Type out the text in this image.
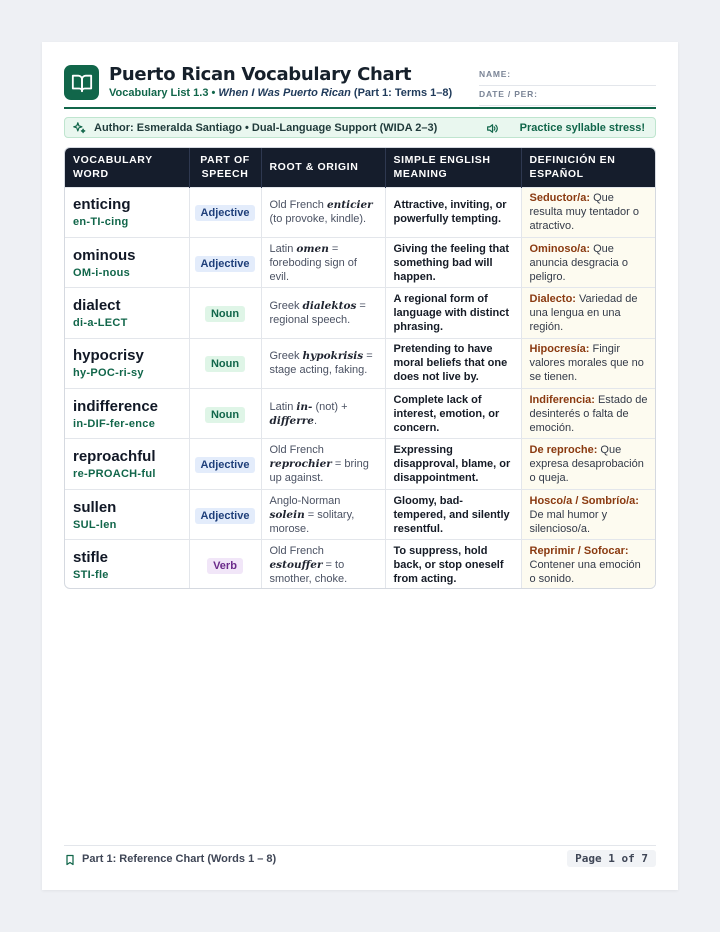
Puerto Rican Vocabulary Chart
Vocabulary List 1.3 • When I Was Puerto Rican (Part 1: Terms 1–8)
NAME:
DATE / PER:
Author: Esmeralda Santiago • Dual-Language Support (WIDA 2–3)	Practice syllable stress!
VOCABULARY WORD	PART OF SPEECH	ROOT & ORIGIN	SIMPLE ENGLISH MEANING	DEFINICIÓN EN ESPAÑOL

enticing
en-TI-cing	Adjective	Old French enticier (to provoke, kindle).	Attractive, inviting, or powerfully tempting.	Seductor/a: Que resulta muy tentador o atractivo.

ominous
OM-i-nous	Adjective	Latin omen = foreboding sign of evil.	Giving the feeling that something bad will happen.	Ominoso/a: Que anuncia desgracia o peligro.

dialect
di-a-LECT	Noun	Greek dialektos = regional speech.	A regional form of language with distinct phrasing.	Dialecto: Variedad de una lengua en una región.

hypocrisy
hy-POC-ri-sy	Noun	Greek hypokrisis = stage acting, faking.	Pretending to have moral beliefs that one does not live by.	Hipocresía: Fingir valores morales que no se tienen.

indifference
in-DIF-fer-ence	Noun	Latin in- (not) + differre.	Complete lack of interest, emotion, or concern.	Indiferencia: Estado de desinterés o falta de emoción.

reproachful
re-PROACH-ful	Adjective	Old French reprochier = bring up against.	Expressing disapproval, blame, or disappointment.	De reproche: Que expresa desaprobación o queja.

sullen
SUL-len	Adjective	Anglo-Norman solein = solitary, morose.	Gloomy, bad-tempered, and silently resentful.	Hosco/a / Sombrío/a: De mal humor y silencioso/a.

stifle
STI-fle	Verb	Old French estouffer = to smother, choke.	To suppress, hold back, or stop oneself from acting.	Reprimir / Sofocar: Contener una emoción o sonido.
Part 1: Reference Chart (Words 1 – 8)	Page 1 of 7
